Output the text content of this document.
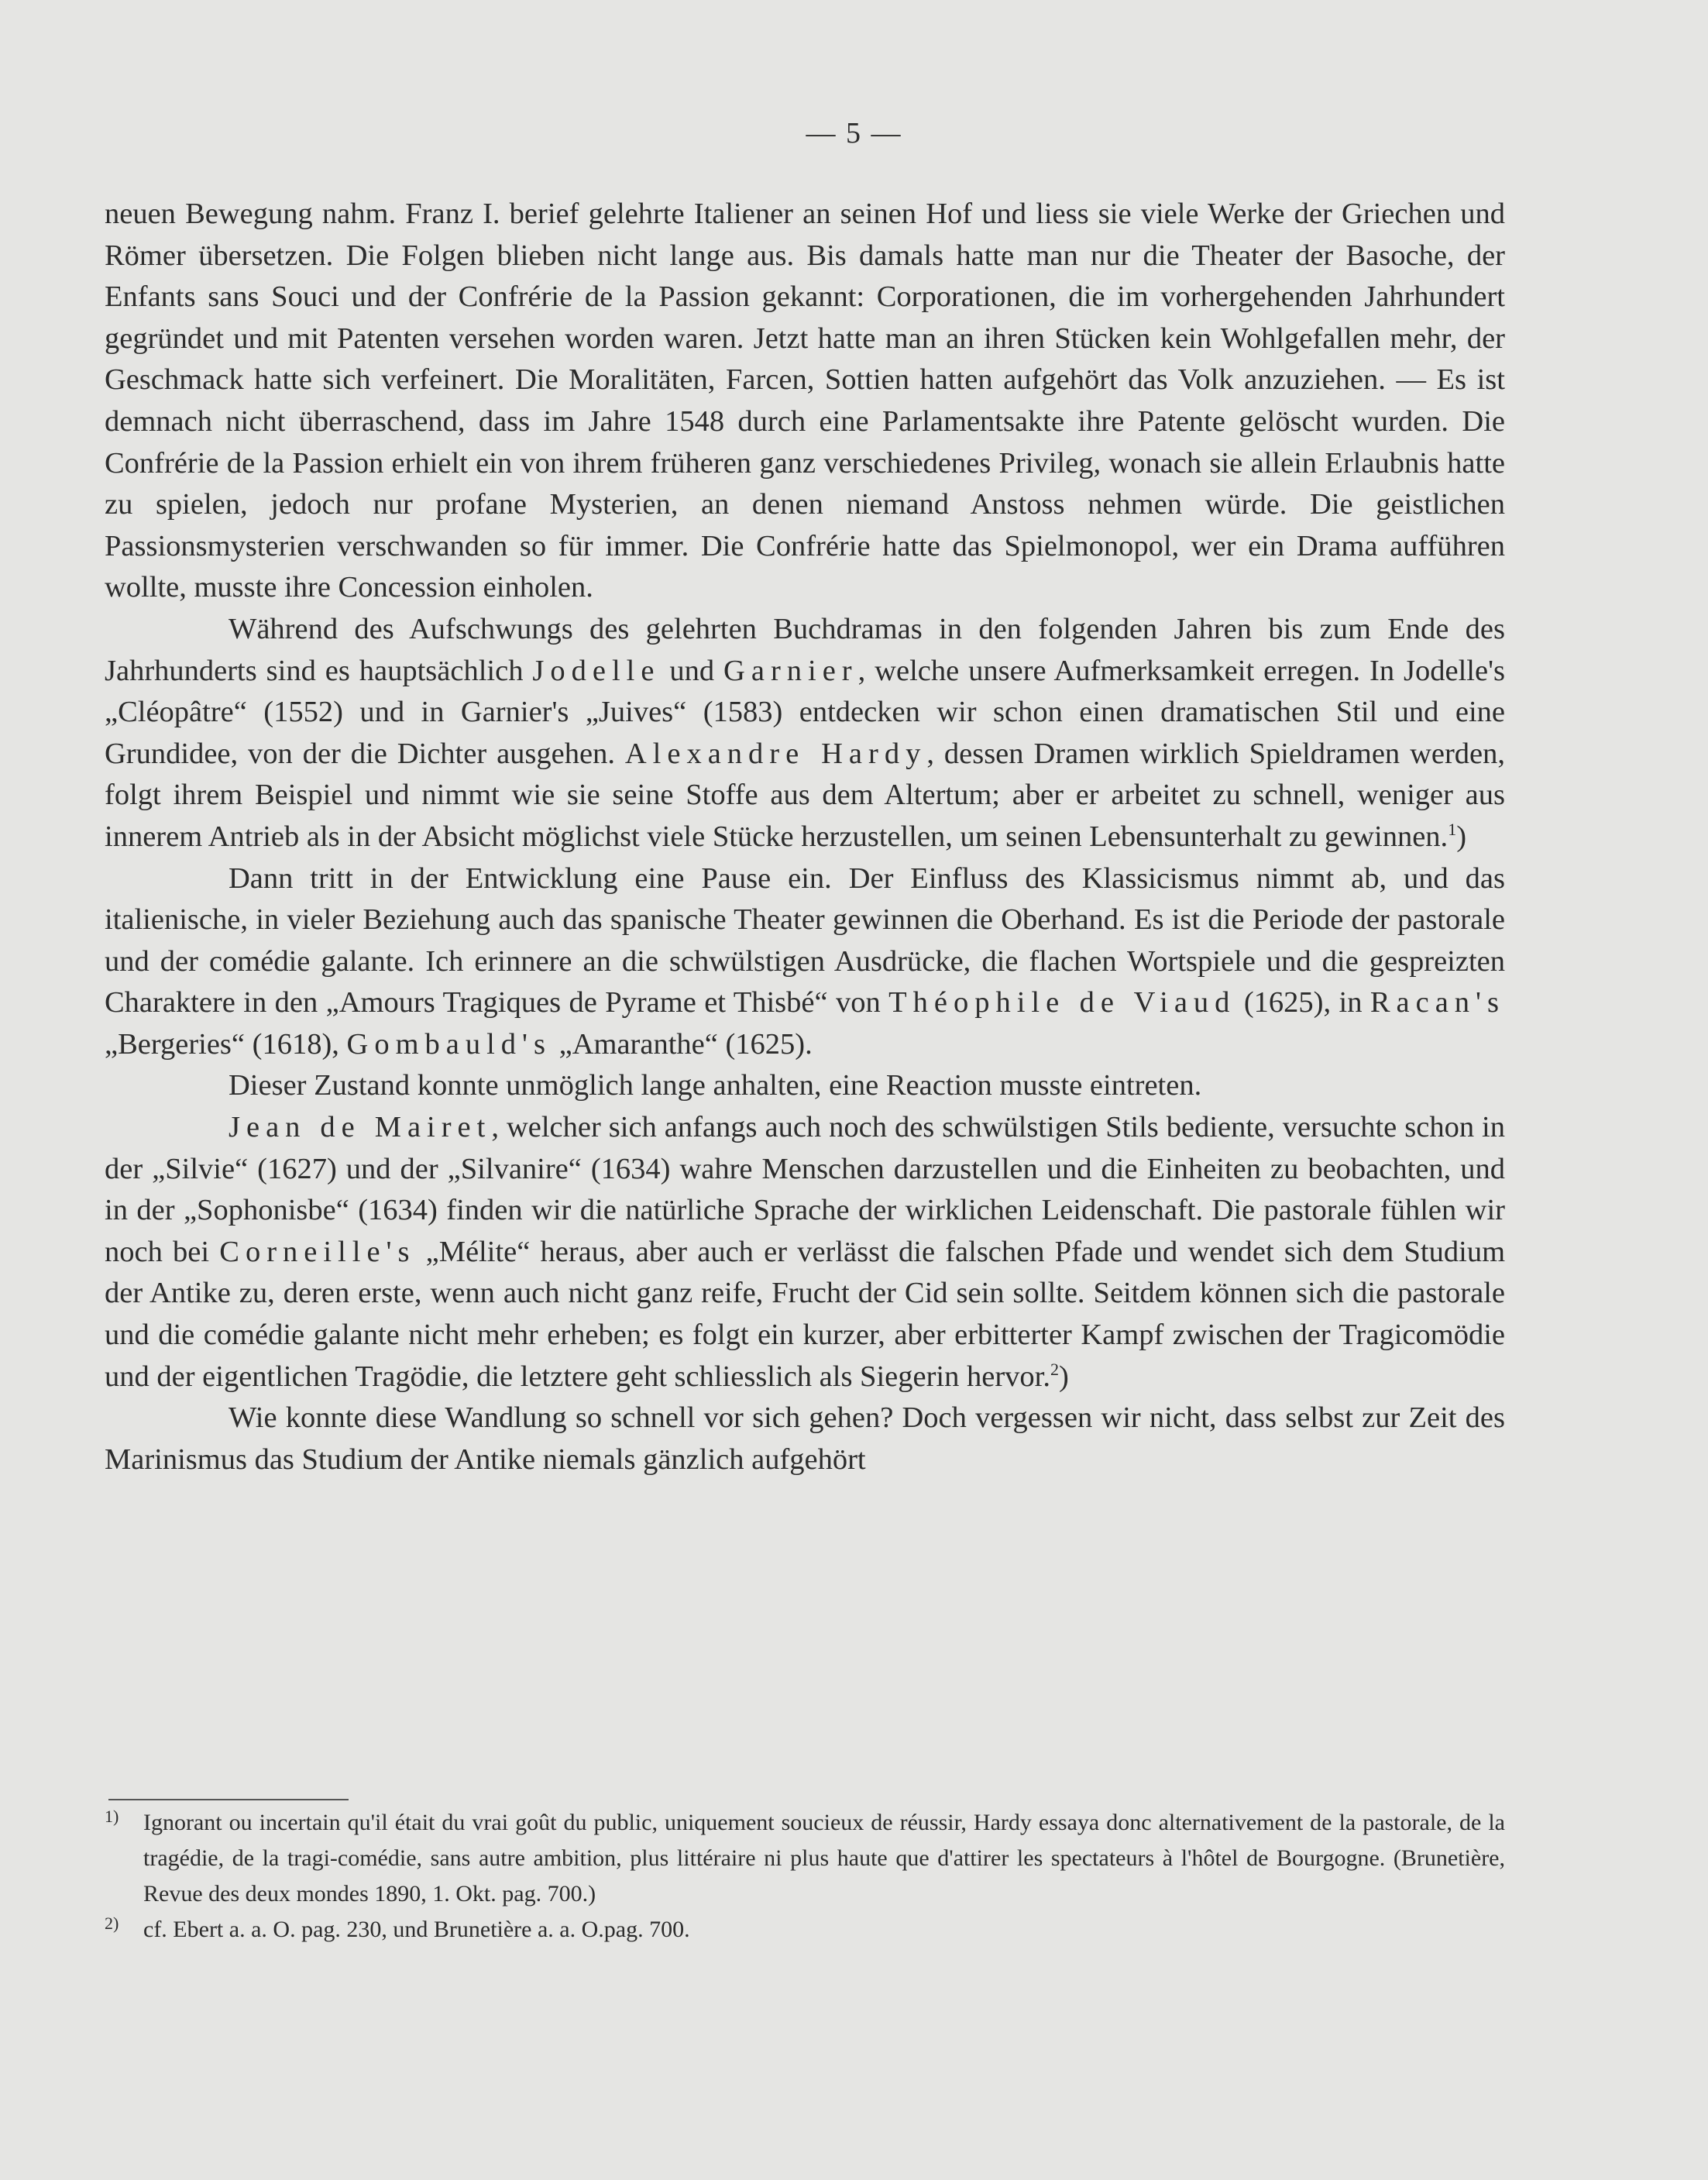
— 5 —

neuen Bewegung nahm. Franz I. berief gelehrte Italiener an seinen Hof und liess sie viele Werke der Griechen und Römer übersetzen. Die Folgen blieben nicht lange aus. Bis damals hatte man nur die Theater der Basoche, der Enfants sans Souci und der Confrérie de la Passion gekannt: Corporationen, die im vorhergehenden Jahrhundert gegründet und mit Patenten versehen worden waren. Jetzt hatte man an ihren Stücken kein Wohlgefallen mehr, der Geschmack hatte sich verfeinert. Die Moralitäten, Farcen, Sottien hatten aufgehört das Volk anzuziehen. — Es ist demnach nicht überraschend, dass im Jahre 1548 durch eine Parlamentsakte ihre Patente gelöscht wurden. Die Confrérie de la Passion erhielt ein von ihrem früheren ganz verschiedenes Privileg, wonach sie allein Erlaubnis hatte zu spielen, jedoch nur profane Mysterien, an denen niemand Anstoss nehmen würde. Die geistlichen Passionsmysterien verschwanden so für immer. Die Confrérie hatte das Spielmonopol, wer ein Drama aufführen wollte, musste ihre Concession einholen.

Während des Aufschwungs des gelehrten Buchdramas in den folgenden Jahren bis zum Ende des Jahrhunderts sind es hauptsächlich Jodelle und Garnier, welche unsere Aufmerksamkeit erregen. In Jodelle's „Cléopâtre“ (1552) und in Garnier's „Juives“ (1583) entdecken wir schon einen dramatischen Stil und eine Grundidee, von der die Dichter ausgehen. Alexandre Hardy, dessen Dramen wirklich Spieldramen werden, folgt ihrem Beispiel und nimmt wie sie seine Stoffe aus dem Altertum; aber er arbeitet zu schnell, weniger aus innerem Antrieb als in der Absicht möglichst viele Stücke herzustellen, um seinen Lebensunterhalt zu gewinnen.$^1$)

Dann tritt in der Entwicklung eine Pause ein. Der Einfluss des Klassicismus nimmt ab, und das italienische, in vieler Beziehung auch das spanische Theater gewinnen die Oberhand. Es ist die Periode der pastorale und der comédie galante. Ich erinnere an die schwülstigen Ausdrücke, die flachen Wortspiele und die gespreizten Charaktere in den „Amours Tragiques de Pyrame et Thisbé“ von Théophile de Viaud (1625), in Racan's „Bergeries“ (1618), Gombauld's „Amaranthe“ (1625).

Dieser Zustand konnte unmöglich lange anhalten, eine Reaction musste eintreten.

Jean de Mairet, welcher sich anfangs auch noch des schwülstigen Stils bediente, versuchte schon in der „Silvie“ (1627) und der „Silvanire“ (1634) wahre Menschen darzustellen und die Einheiten zu beobachten, und in der „Sophonisbe“ (1634) finden wir die natürliche Sprache der wirklichen Leidenschaft. Die pastorale fühlen wir noch bei Corneille's „Mélite“ heraus, aber auch er verlässt die falschen Pfade und wendet sich dem Studium der Antike zu, deren erste, wenn auch nicht ganz reife, Frucht der Cid sein sollte. Seitdem können sich die pastorale und die comédie galante nicht mehr erheben; es folgt ein kurzer, aber erbitterter Kampf zwischen der Tragicomödie und der eigentlichen Tragödie, die letztere geht schliesslich als Siegerin hervor.$^2$)

Wie konnte diese Wandlung so schnell vor sich gehen? Doch vergessen wir nicht, dass selbst zur Zeit des Marinismus das Studium der Antike niemals gänzlich aufgehört

1) Ignorant ou incertain qu'il était du vrai goût du public, uniquement soucieux de réussir, Hardy essaya donc alternativement de la pastorale, de la tragédie, de la tragi-comédie, sans autre ambition, plus littéraire ni plus haute que d'attirer les spectateurs à l'hôtel de Bourgogne. (Brunetière, Revue des deux mondes 1890, 1. Okt. pag. 700.)

2) cf. Ebert a. a. O. pag. 230, und Brunetière a. a. O.pag. 700.
